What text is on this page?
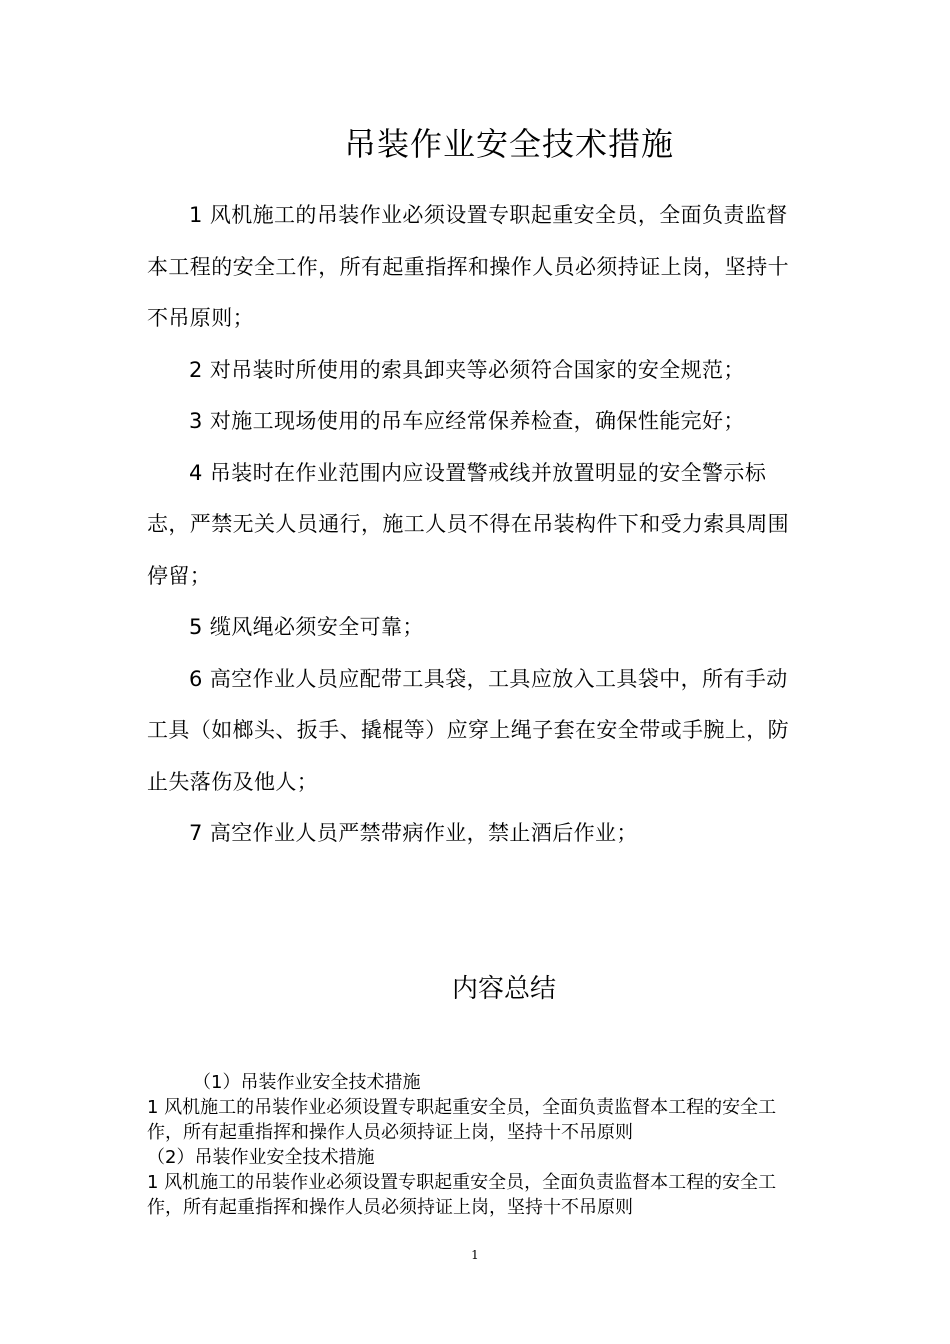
吊装作业安全技术措施

1 风机施工的吊装作业必须设置专职起重安全员，全面负责监督本工程的安全工作，所有起重指挥和操作人员必须持证上岗，坚持十不吊原则；

2 对吊装时所使用的索具卸夹等必须符合国家的安全规范；

3 对施工现场使用的吊车应经常保养检查，确保性能完好；

4 吊装时在作业范围内应设置警戒线并放置明显的安全警示标志，严禁无关人员通行，施工人员不得在吊装构件下和受力索具周围停留；

5 缆风绳必须安全可靠；

6 高空作业人员应配带工具袋，工具应放入工具袋中，所有手动工具（如榔头、扳手、撬棍等）应穿上绳子套在安全带或手腕上，防止失落伤及他人；

7 高空作业人员严禁带病作业，禁止酒后作业；

内容总结

（1）吊装作业安全技术措施

1 风机施工的吊装作业必须设置专职起重安全员，全面负责监督本工程的安全工作，所有起重指挥和操作人员必须持证上岗，坚持十不吊原则

（2）吊装作业安全技术措施

1 风机施工的吊装作业必须设置专职起重安全员，全面负责监督本工程的安全工作，所有起重指挥和操作人员必须持证上岗，坚持十不吊原则

1
